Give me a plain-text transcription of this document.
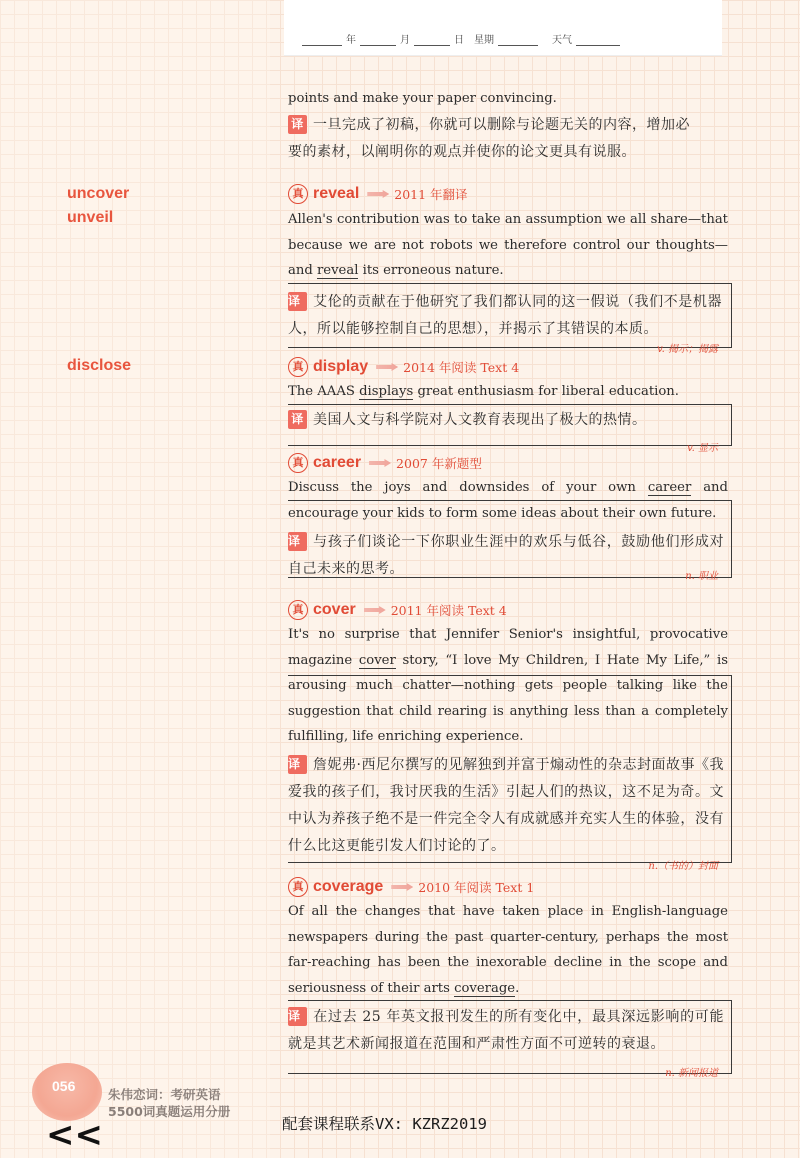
年	月	日 星期	天气
uncover
unveil
disclose
points and make your paper convincing.
译 一旦完成了初稿，你就可以删除与论题无关的内容，增加必
要的素材，以阐明你的观点并使你的论文更具有说服。
真 reveal	2011 年翻译
Allen's contribution was to take an assumption we all share—that because we are not robots we therefore control our thoughts—and reveal its erroneous nature.
译 艾伦的贡献在于他研究了我们都认同的这一假说（我们不是机器人，所以能够控制自己的思想），并揭示了其错误的本质。
v. 揭示；揭露
真 display	2014 年阅读 Text 4
The AAAS displays great enthusiasm for liberal education.
译 美国人文与科学院对人文教育表现出了极大的热情。
v. 显示
真 career	2007 年新题型
Discuss the joys and downsides of your own career and encourage your kids to form some ideas about their own future.
译 与孩子们谈论一下你职业生涯中的欢乐与低谷，鼓励他们形成对自己未来的思考。	n. 职业
真 cover	2011 年阅读 Text 4
It's no surprise that Jennifer Senior's insightful, provocative magazine cover story, “I love My Children, I Hate My Life,” is arousing much chatter—nothing gets people talking like the suggestion that child rearing is anything less than a completely fulfilling, life enriching experience.
译 詹妮弗·西尼尔撰写的见解独到并富于煽动性的杂志封面故事《我爱我的孩子们，我讨厌我的生活》引起人们的热议，这不足为奇。文中认为养孩子绝不是一件完全令人有成就感并充实人生的体验，没有什么比这更能引发人们讨论的了。
n.（书的）封面
真 coverage	2010 年阅读 Text 1
Of all the changes that have taken place in English-language newspapers during the past quarter-century, perhaps the most far-reaching has been the inexorable decline in the scope and seriousness of their arts coverage.
译 在过去 25 年英文报刊发生的所有变化中，最具深远影响的可能就是其艺术新闻报道在范围和严肃性方面不可逆转的衰退。
n. 新闻报道
056
朱伟恋词：考研英语
5500词真题运用分册
<<	配套课程联系VX: KZRZ2019
